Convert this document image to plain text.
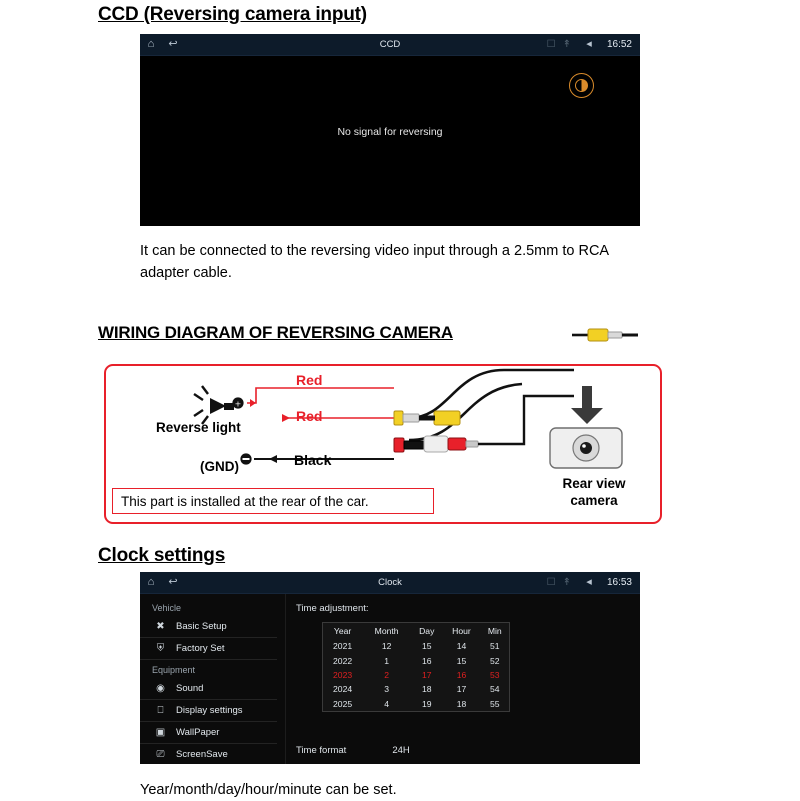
CCD (Reversing camera input)
⌂	↩	CCD	☐ ↟	◂	16:52
No signal for reversing
It can be connected to the reversing video input through a 2.5mm to RCA adapter cable.
WIRING DIAGRAM OF REVERSING CAMERA
+
Red
Red
Black
Reverse light
(GND)
Rear view
camera
This part is installed at the rear of the car.
Clock settings
⌂	↩	Clock	☐ ↟	◂	16:53
Vehicle
✖ Basic Setup
⛨ Factory Set
Equipment
◉ Sound
⎕	Display settings
▣ WallPaper
⎚ ScreenSave
Time adjustment:
Year	Month	Day	Hour	Min
2021	12	15	14	51
2022	1	16	15	52
2023	2	17	16	53
2024	3	18	17	54
2025	4	19	18	55
Time format	24H
Year/month/day/hour/minute can be set.
